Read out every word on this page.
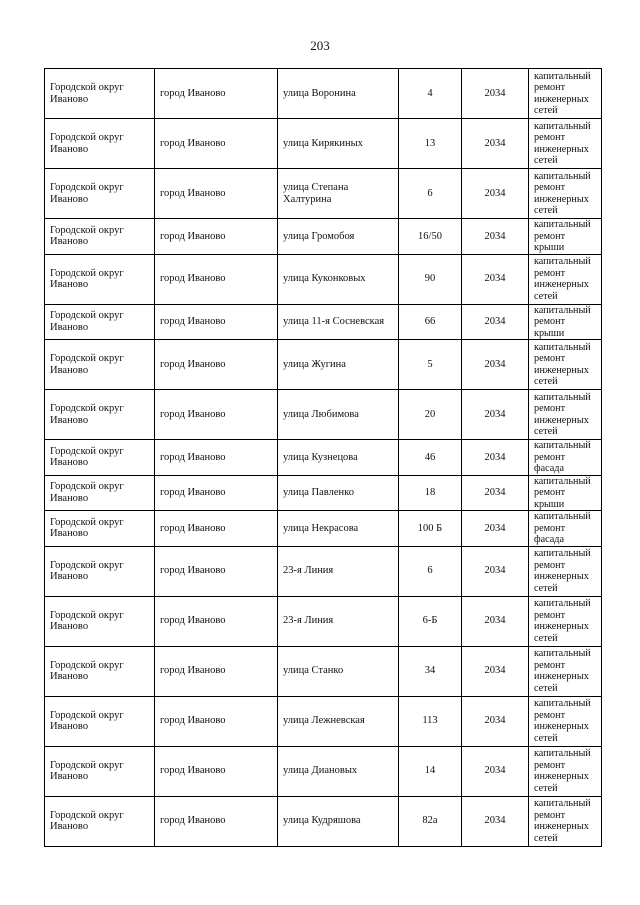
203
Городской округ Иваново	город Иваново	улица Воронина	4	2034	капитальный ремонт инженерных сетей
Городской округ Иваново	город Иваново	улица Кирякиных	13	2034	капитальный ремонт инженерных сетей
Городской округ Иваново	город Иваново	улица Степана Халтурина	6	2034	капитальный ремонт инженерных сетей
Городской округ Иваново	город Иваново	улица Громобоя	16/50	2034	капитальный ремонт крыши
Городской округ Иваново	город Иваново	улица Куконковых	90	2034	капитальный ремонт инженерных сетей
Городской округ Иваново	город Иваново	улица 11-я Сосневская	66	2034	капитальный ремонт крыши
Городской округ Иваново	город Иваново	улица Жугина	5	2034	капитальный ремонт инженерных сетей
Городской округ Иваново	город Иваново	улица Любимова	20	2034	капитальный ремонт инженерных сетей
Городской округ Иваново	город Иваново	улица Кузнецова	46	2034	капитальный ремонт фасада
Городской округ Иваново	город Иваново	улица Павленко	18	2034	капитальный ремонт крыши
Городской округ Иваново	город Иваново	улица Некрасова	100 Б	2034	капитальный ремонт фасада
Городской округ Иваново	город Иваново	23-я Линия	6	2034	капитальный ремонт инженерных сетей
Городской округ Иваново	город Иваново	23-я Линия	6-Б	2034	капитальный ремонт инженерных сетей
Городской округ Иваново	город Иваново	улица Станко	34	2034	капитальный ремонт инженерных сетей
Городской округ Иваново	город Иваново	улица Лежневская	113	2034	капитальный ремонт инженерных сетей
Городской округ Иваново	город Иваново	улица Диановых	14	2034	капитальный ремонт инженерных сетей
Городской округ Иваново	город Иваново	улица Кудряшова	82а	2034	капитальный ремонт инженерных сетей
